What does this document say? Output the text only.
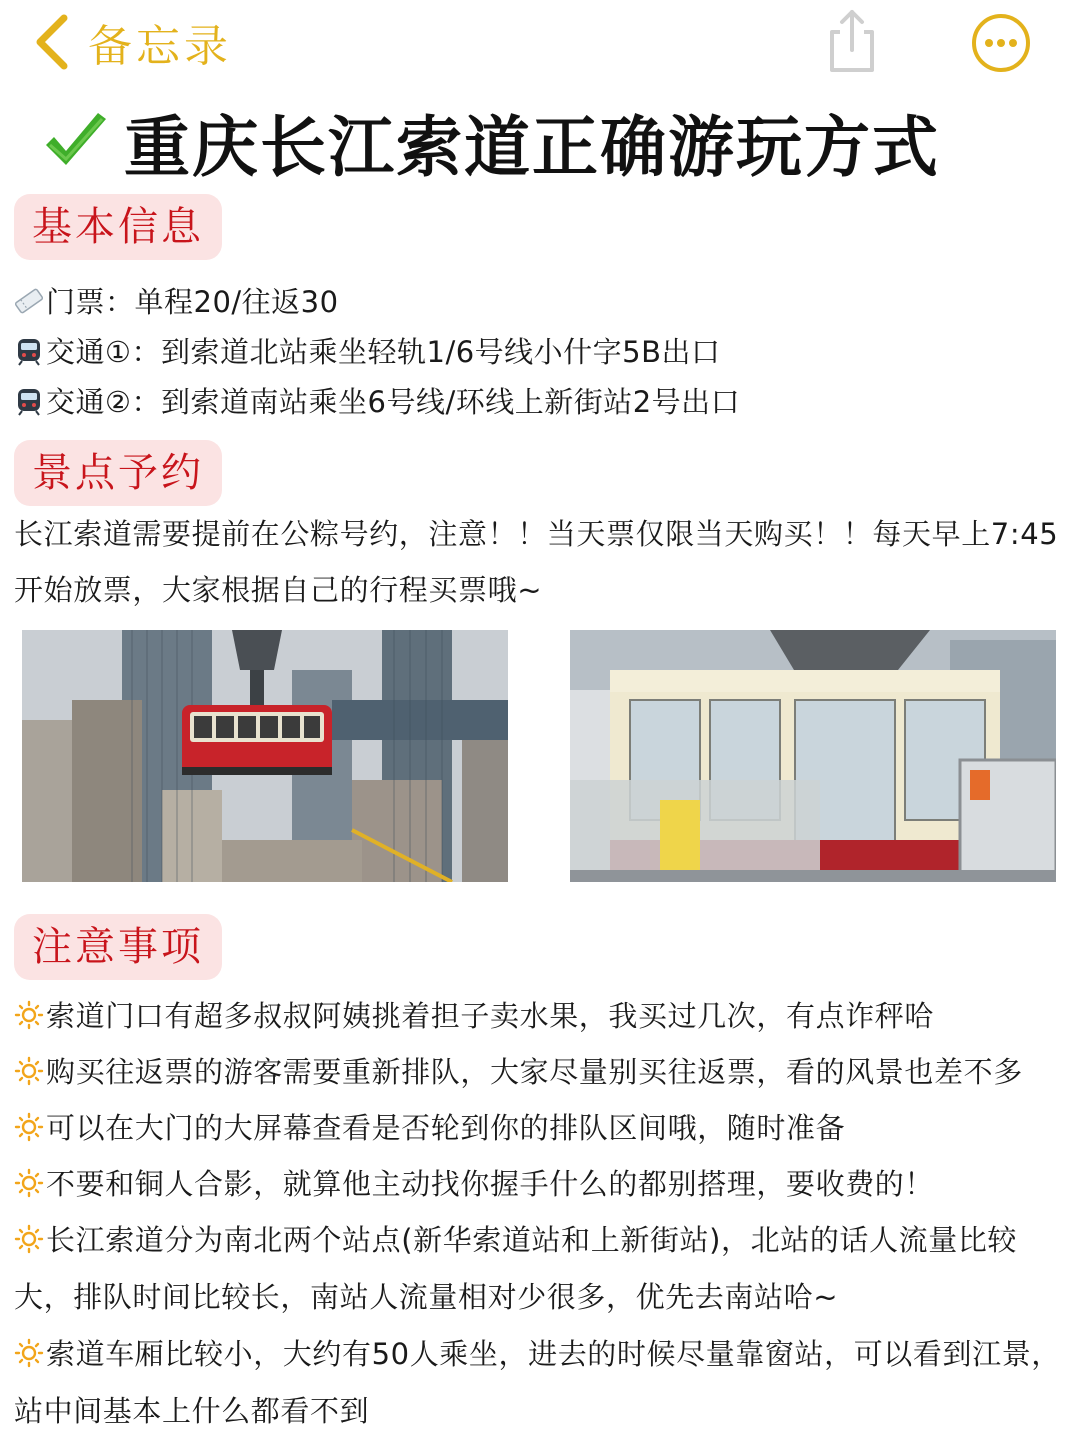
备忘录
重庆长江索道正确游玩方式
基本信息
门票：单程20/往返30
交通①：到索道北站乘坐轻轨1/6号线小什字5B出口
交通②：到索道南站乘坐6号线/环线上新街站2号出口
景点予约
长江索道需要提前在公粽号约，注意！！当天票仅限当天购买！！每天早上7:45开始放票，大家根据自己的行程买票哦~
注意事项
索道门口有超多叔叔阿姨挑着担子卖水果，我买过几次，有点诈秤哈
购买往返票的游客需要重新排队，大家尽量别买往返票，看的风景也差不多
可以在大门的大屏幕查看是否轮到你的排队区间哦，随时准备
不要和铜人合影，就算他主动找你握手什么的都别搭理，要收费的！
长江索道分为南北两个站点(新华索道站和上新街站)，北站的话人流量比较大，排队时间比较长，南站人流量相对少很多，优先去南站哈~
索道车厢比较小，大约有50人乘坐，进去的时候尽量靠窗站，可以看到江景，站中间基本上什么都看不到
